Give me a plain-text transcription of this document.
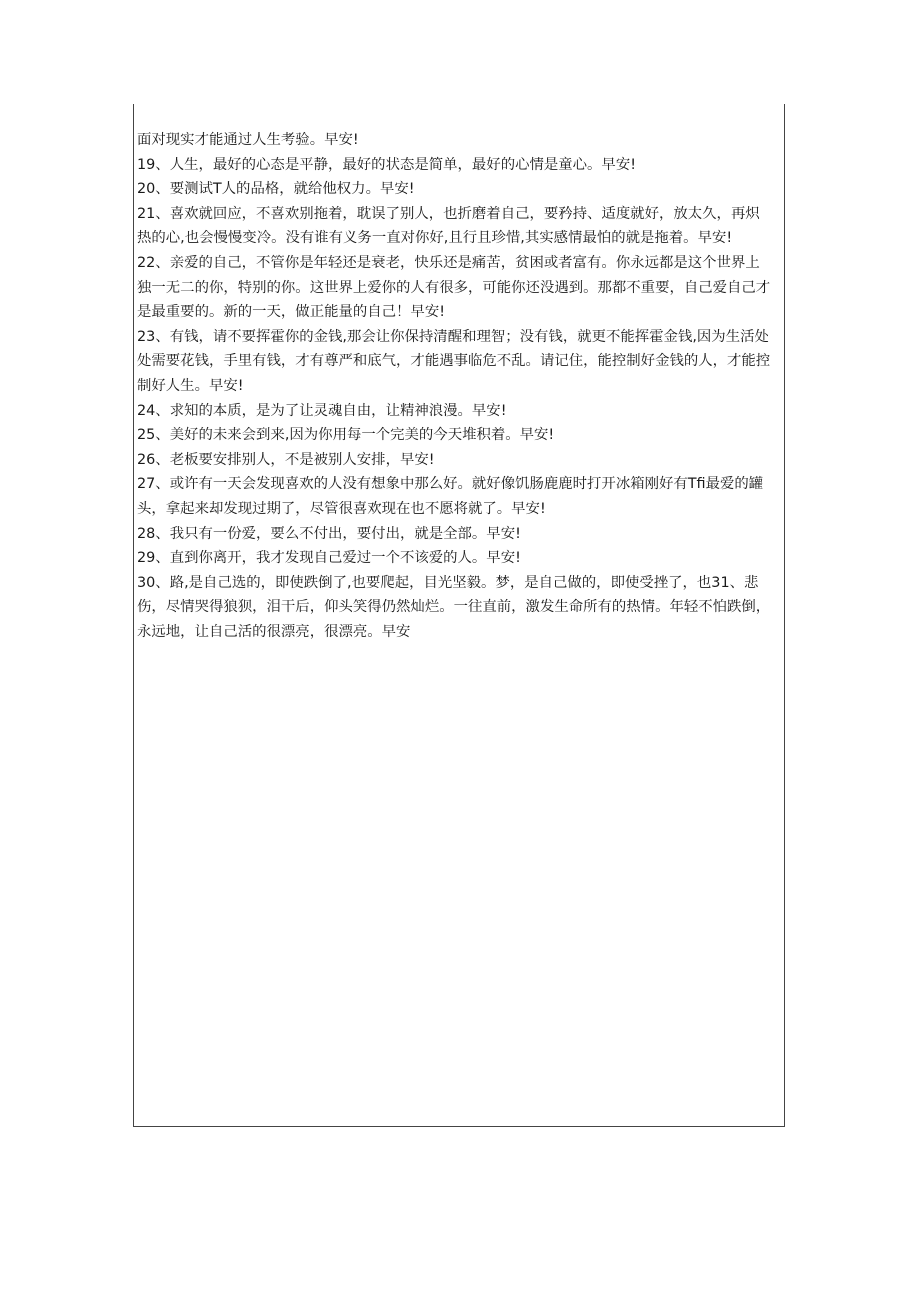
面对现实才能通过人生考验。早安!
19、人生，最好的心态是平静，最好的状态是简单，最好的心情是童心。早安!
20、要测试T人的品格，就给他权力。早安!
21、喜欢就回应，不喜欢别拖着，耽误了别人，也折磨着自己，要矜持、适度就好，放太久，再炽
热的心,也会慢慢变冷。没有谁有义务一直对你好,且行且珍惜,其实感情最怕的就是拖着。早安!
22、亲爱的自己，不管你是年轻还是衰老，快乐还是痛苦，贫困或者富有。你永远都是这个世界上
独一无二的你，特别的你。这世界上爱你的人有很多，可能你还没遇到。那都不重要，自己爱自己才
是最重要的。新的一天，做正能量的自己！早安!
23、有钱，请不要挥霍你的金钱,那会让你保持清醒和理智；没有钱，就更不能挥霍金钱,因为生活处
处需要花钱，手里有钱，才有尊严和底气，才能遇事临危不乱。请记住，能控制好金钱的人，才能控
制好人生。早安!
24、求知的本质，是为了让灵魂自由，让精神浪漫。早安!
25、美好的未来会到来,因为你用每一个完美的今天堆积着。早安!
26、老板要安排别人，不是被别人安排，早安!
27、或许有一天会发现喜欢的人没有想象中那么好。就好像饥肠鹿鹿时打开冰箱刚好有Tfi最爱的罐
头，拿起来却发现过期了，尽管很喜欢现在也不愿将就了。早安!
28、我只有一份爱，要么不付出，要付出，就是全部。早安!
29、直到你离开，我才发现自己爱过一个不该爱的人。早安!
30、路,是自己选的，即使跌倒了,也要爬起，目光坚毅。梦，是自己做的，即使受挫了，也31、悲
伤，尽情哭得狼狈，泪干后，仰头笑得仍然灿烂。一往直前，激发生命所有的热情。年轻不怕跌倒，
永远地，让自己活的很漂亮，很漂亮。早安
